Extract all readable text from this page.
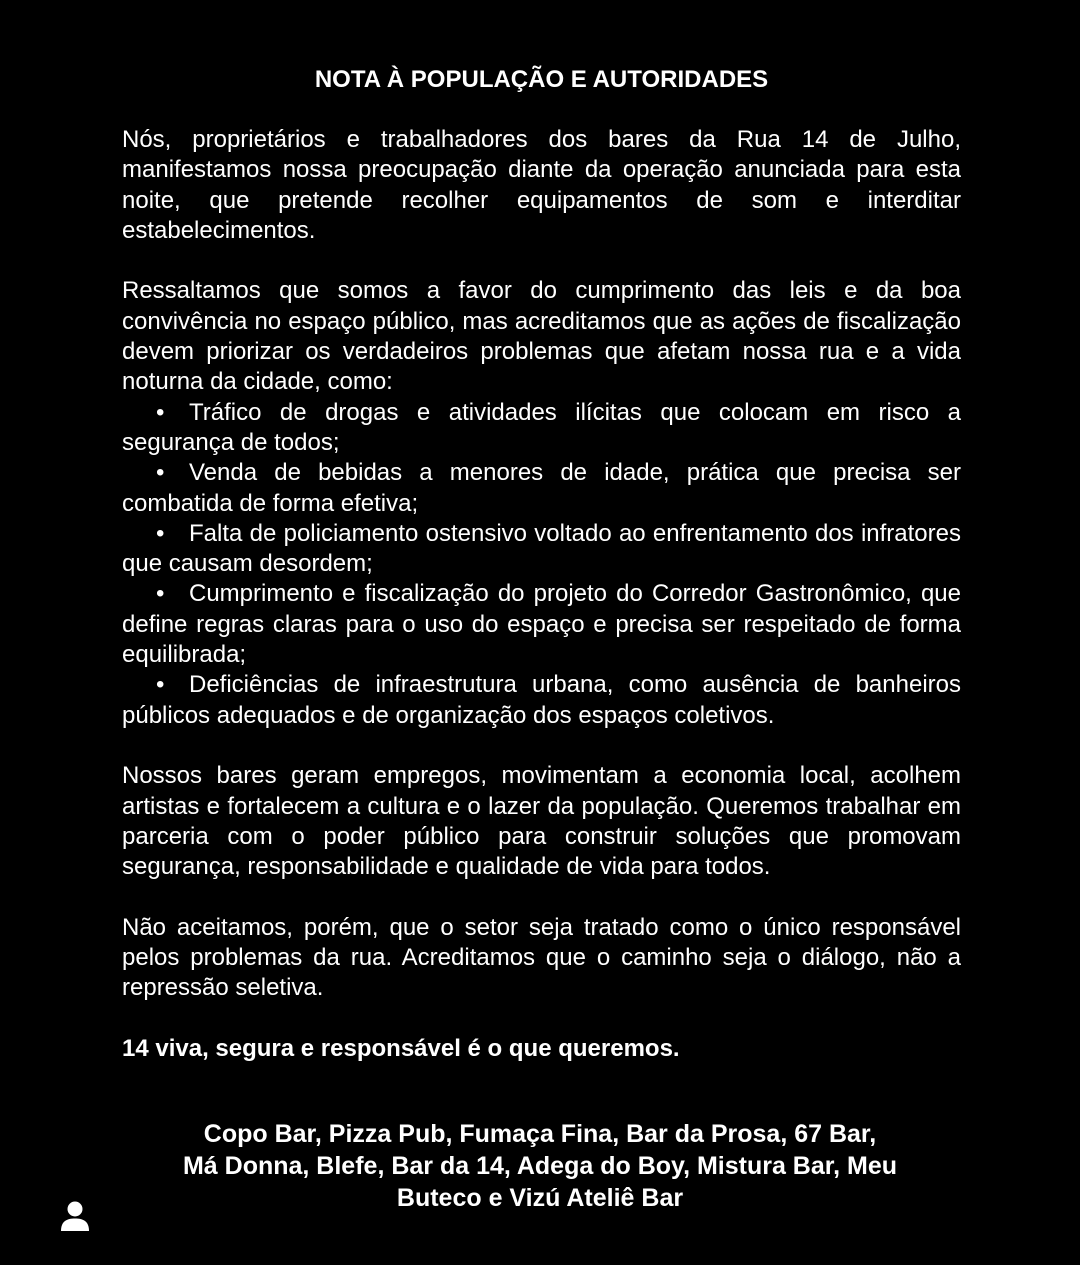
NOTA À POPULAÇÃO E AUTORIDADES

Nós, proprietários e trabalhadores dos bares da Rua 14 de Julho, manifestamos nossa preocupação diante da operação anunciada para esta noite, que pretende recolher equipamentos de som e interditar estabelecimentos.

Ressaltamos que somos a favor do cumprimento das leis e da boa convivência no espaço público, mas acreditamos que as ações de fiscalização devem priorizar os verdadeiros problemas que afetam nossa rua e a vida noturna da cidade, como:

• Tráfico de drogas e atividades ilícitas que colocam em risco a segurança de todos;
• Venda de bebidas a menores de idade, prática que precisa ser combatida de forma efetiva;
• Falta de policiamento ostensivo voltado ao enfrentamento dos infratores que causam desordem;
• Cumprimento e fiscalização do projeto do Corredor Gastronômico, que define regras claras para o uso do espaço e precisa ser respeitado de forma equilibrada;
• Deficiências de infraestrutura urbana, como ausência de banheiros públicos adequados e de organização dos espaços coletivos.

Nossos bares geram empregos, movimentam a economia local, acolhem artistas e fortalecem a cultura e o lazer da população. Queremos trabalhar em parceria com o poder público para construir soluções que promovam segurança, responsabilidade e qualidade de vida para todos.

Não aceitamos, porém, que o setor seja tratado como o único responsável pelos problemas da rua. Acreditamos que o caminho seja o diálogo, não a repressão seletiva.

14 viva, segura e responsável é o que queremos.

Copo Bar, Pizza Pub, Fumaça Fina, Bar da Prosa, 67 Bar,
Má Donna, Blefe, Bar da 14, Adega do Boy, Mistura Bar, Meu
Buteco e Vizú Ateliê Bar
